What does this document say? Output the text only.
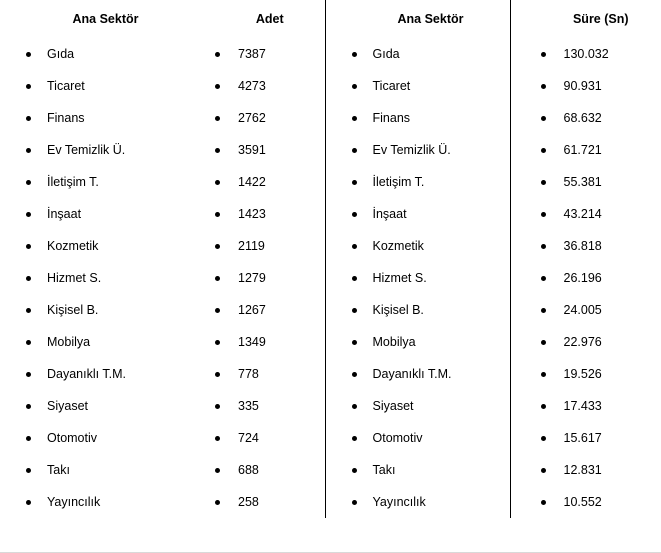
Ana Sektör	Adet	Ana Sektör	Süre (Sn)

Gıda	7387	Gıda	130.032

Ticaret	4273	Ticaret	90.931

Finans	2762	Finans	68.632

Ev Temizlik Ü.	3591	Ev Temizlik Ü.	61.721

İletişim T.	1422	İletişim T.	55.381

İnşaat	1423	İnşaat	43.214

Kozmetik	2119	Kozmetik	36.818

Hizmet S.	1279	Hizmet S.	26.196

Kişisel B.	1267	Kişisel B.	24.005

Mobilya	1349	Mobilya	22.976

Dayanıklı T.M.	778	Dayanıklı T.M.	19.526

Siyaset	335	Siyaset	17.433

Otomotiv	724	Otomotiv	15.617

Takı	688	Takı	12.831

Yayıncılık	258	Yayıncılık	10.552
